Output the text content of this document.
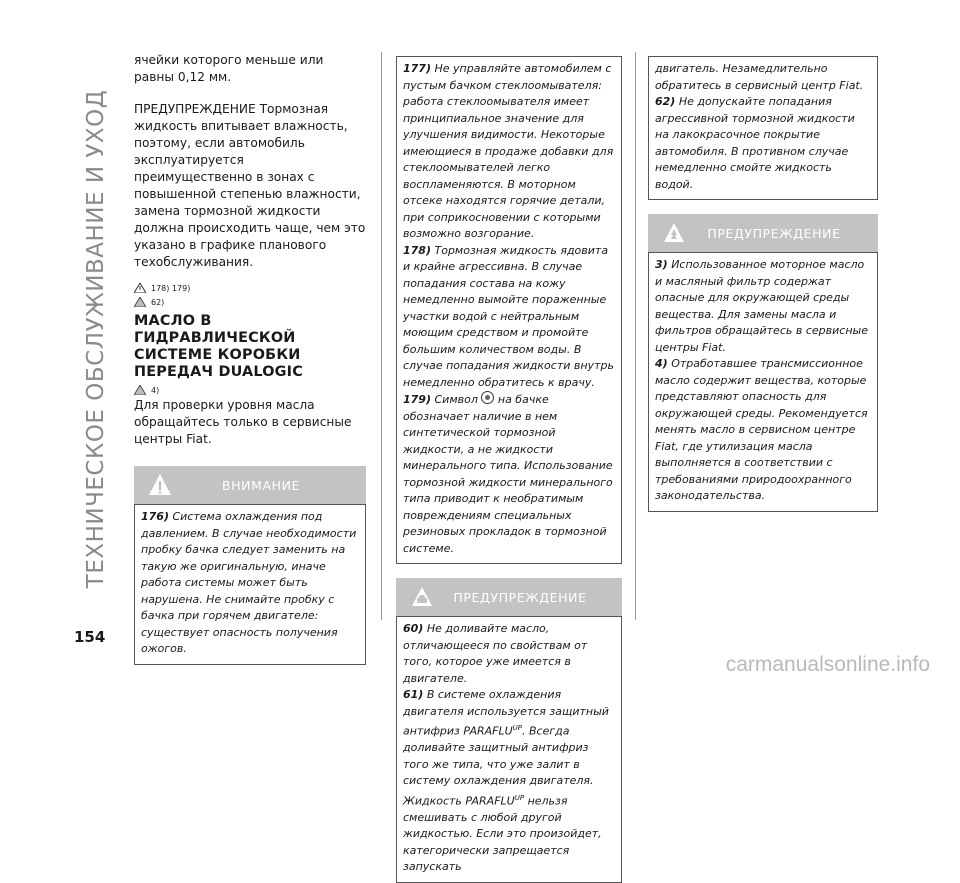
ТЕХНИЧЕСКОЕ ОБСЛУЖИВАНИЕ И УХОД
154

ячейки которого меньше или равны 0,12 мм.

ПРЕДУПРЕЖДЕНИЕ Тормозная жидкость впитывает влажность, поэтому, если автомобиль эксплуатируется преимущественно в зонах с повышенной степенью влажности, замена тормозной жидкости должна происходить чаще, чем это указано в графике планового техобслуживания.

178) 179)
62)
МАСЛО В ГИДРАВЛИЧЕСКОЙ СИСТЕМЕ КОРОБКИ ПЕРЕДАЧ DUALOGIC
4)

Для проверки уровня масла обращайтесь только в сервисные центры Fiat.

ВНИМАНИЕ

176) Система охлаждения под давлением. В случае необходимости пробку бачка следует заменить на такую же оригинальную, иначе работа системы может быть нарушена. Не снимайте пробку с бачка при горячем двигателе: существует опасность получения ожогов.

177) Не управляйте автомобилем с пустым бачком стеклоомывателя: работа стеклоомывателя имеет принципиальное значение для улучшения видимости. Некоторые имеющиеся в продаже добавки для стеклоомывателей легко воспламеняются. В моторном отсеке находятся горячие детали, при соприкосновении с которыми возможно возгорание.

178) Тормозная жидкость ядовита и крайне агрессивна. В случае попадания состава на кожу немедленно вымойте пораженные участки водой с нейтральным моющим средством и промойте большим количеством воды. В случае попадания жидкости внутрь немедленно обратитесь к врачу.

179) Символ на бачке обозначает наличие в нем синтетической тормозной жидкости, а не жидкости минерального типа. Использование тормозной жидкости минерального типа приводит к необратимым повреждениям специальных резиновых прокладок в тормозной системе.

ПРЕДУПРЕЖДЕНИЕ

60) Не доливайте масло, отличающееся по свойствам от того, которое уже имеется в двигателе.

61) В системе охлаждения двигателя используется защитный антифриз $PARAFLU^{UP}$. Всегда доливайте защитный антифриз того же типа, что уже залит в систему охлаждения двигателя. Жидкость $PARAFLU^{UP}$ нельзя смешивать с любой другой жидкостью. Если это произойдет, категорически запрещается запускать

двигатель. Незамедлительно обратитесь в сервисный центр Fiat.

62) Не допускайте попадания агрессивной тормозной жидкости на лакокрасочное покрытие автомобиля. В противном случае немедленно смойте жидкость водой.

ПРЕДУПРЕЖДЕНИЕ

3) Использованное моторное масло и масляный фильтр содержат опасные для окружающей среды вещества. Для замены масла и фильтров обращайтесь в сервисные центры Fiat.

4) Отработавшее трансмиссионное масло содержит вещества, которые представляют опасность для окружающей среды. Рекомендуется менять масло в сервисном центре Fiat, где утилизация масла выполняется в соответствии с требованиями природоохранного законодательства.

carmanualsonline.info
